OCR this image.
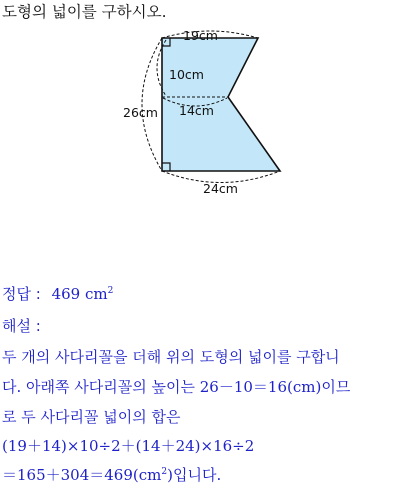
도형의 넓이를 구하시오.
19cm
10cm
14cm
26cm
24cm
정답 : 469 $cm^2$
해설 :
두 개의 사다리꼴을 더해 위의 도형의 넓이를 구합니
다. 아래쪽 사다리꼴의 높이는 26－10＝16(cm)이므
로 두 사다리꼴 넓이의 합은
(19＋14)×10÷2＋(14＋24)×16÷2
$=165+304=469(cm^2)$입니다.
